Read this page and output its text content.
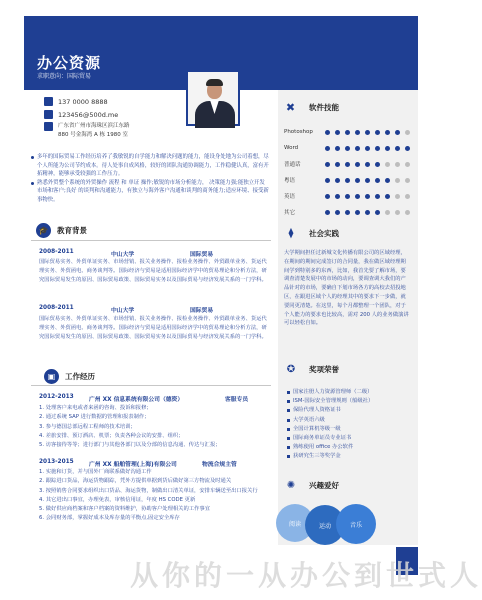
办公资源
求职意向：国际贸易
137 0000 8888
123456@500d.me
广东省广州市海珠区滨江东路
880 号金海湾 A 栋 1980 室
多年的国际贸易工作经历培养了我敏锐的自学能力和解决问题的能力，能设身处地为公司着想，尽个人所能为公司节约成本。待人处事自成风格，较好的团队沟通协调能力，工作稳健认真，富有开拓精神，能够承受较强的工作压力。
熟悉外贸整个系统的外贸操作 流程 和 单证 操作;敏锐的市场分析能力， 决策能力强;能独立开发市场和客户;良好 的谈判和沟通能力，有独立与海外客户沟通和谈判的商务能力;适应环境、接受新事物快。
🎓	教育背景
2008-2011	中山大学	国际贸易
国际贸易实务、外贸单证实务、市场营销、报关业务操作、报检业务操作、外贸跟单业务、货运代理实务、外贸函电、商务谈判等。国际经济与贸易是适用国际经济学中的贸易理论和分析方法，研究国际贸易发生的原因、国际贸易政策、国际贸易实务以及国际贸易与经济发展关系的一门学科。
2008-2011	中山大学	国际贸易
国际贸易实务、外贸单证实务、市场营销、报关业务操作、报检业务操作、外贸跟单业务、货运代理实务、外贸函电、商务谈判等。国际经济与贸易是适用国际经济学中的贸易理论和分析方法，研究国际贸易发生的原因、国际贸易政策、国际贸易实务以及国际贸易与经济发展关系的一门学科。
▣	工作经历
2012-2013	广州 XX 信息系统有限公司（德资）	客服专员
1. 处理客户来电或者来函的咨询、投诉和报修；
2. 通过系统 SAP 进行数据的管理和报表制作；
3. 参与德国总部远程工程师的技术培训；
4. 差旅安排、预订酒店、机票；负责各种会议的安排、组织；
5. 访客接待等等；进行部门与其他各部门以及分部的信息沟通、传达与汇报；
2013-2015	广州 XX 船舶管理(上海)有限公司	物流合规主管
1. 实施和订货，并与国外厂商联系做好沟通工作
2. 跟踪进口货品，海运货物跟踪，凭外方提供单据到货后做好第三方物流及时通关
3. 按照销售合同要求组织出口货品、海运货物，制做出口清关单证，安排车辆送至出口报关行
4. 其它进出口事宜，办理免表，审核信用证，年度 HS CODE 更新
5. 做好供应商档案和客户档案的资料维护，协助客户处理相关的工作事宜
6. 会同财务部，掌握好成本及库存量的平衡点,固定安全库存
✖ 软件技能
Photoshop
Word
普通话
粤语
英语
其它
⧫	社会实践
大学期间担任过新城文化传播有限公司的区域经理，在期间的期间完成签订的合同量，我在做区域经理期间学到特别多的东西，比如，我首先要了解市场，要调查清楚发展中的市场的动向，要调查调大我们的产品针对的市场，要确自下划市场各方的高校去招投地区，在跟进区域个人的经理其中的要求下一步做，就要同更清楚。在这里，每个月都整理一个团队，对于个人能力的要求也比较高，需对 200 人的业务做演讲可以轻松自如。
✪	奖项荣誉
国家注册人力资源管理师（二级）
ISM-国际安全管理规则（船级社）
保险代理人资格证书
大学英语六级
全国计算机等级一级
国际商务单证员专业证书
熟练使用 office 办公软件
获研究生三等奖学金
✺	兴趣爱好
阅读	运动	音乐
从你的一从办公到世式人
